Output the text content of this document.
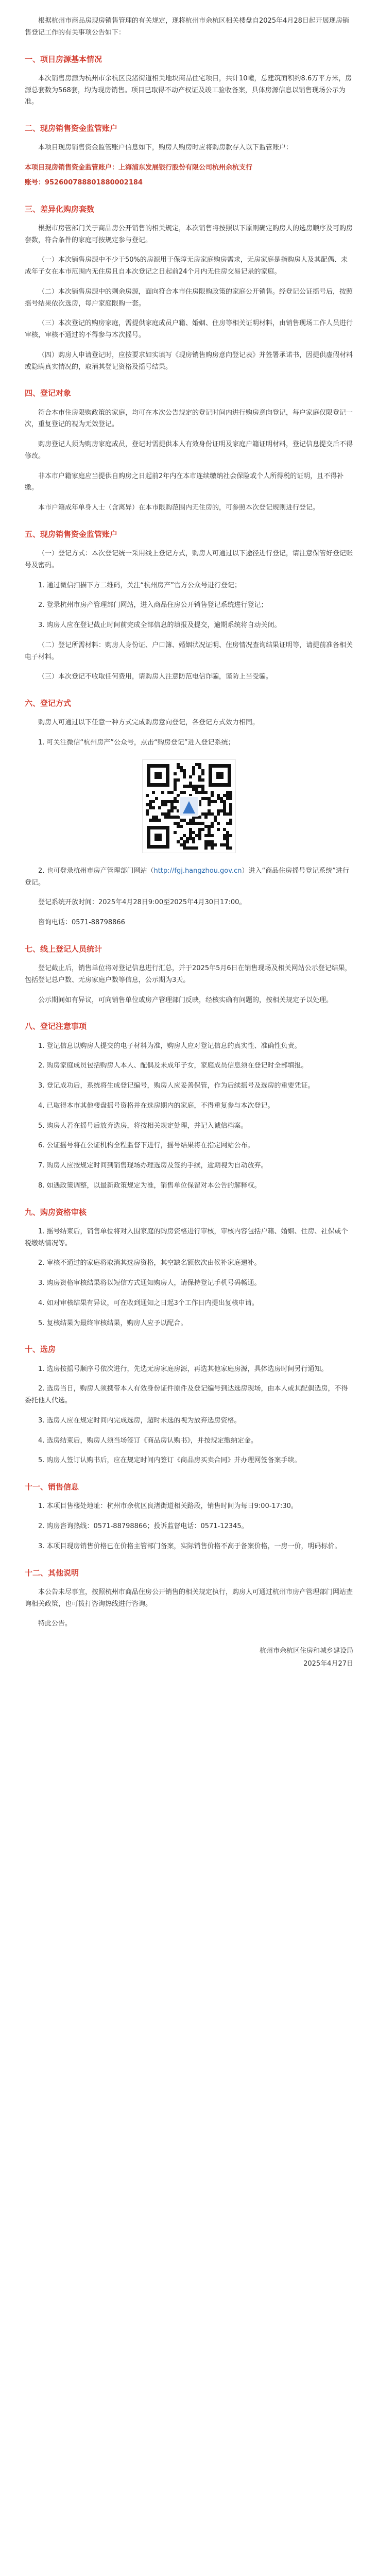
根据杭州市商品房现房销售管理的有关规定，现将杭州市余杭区相关楼盘自2025年4月28日起开展现房销售登记工作的有关事项公告如下：

一、项目房源基本情况

本次销售房源为杭州市余杭区良渚街道相关地块商品住宅项目，共计10幢，总建筑面积约8.6万平方米，房源总套数为568套，均为现房销售。项目已取得不动产权证及竣工验收备案，具体房源信息以销售现场公示为准。

二、现房销售资金监管账户

本项目现房销售资金监管账户信息如下，购房人购房时应将购房款存入以下监管账户：

本项目现房销售资金监管账户：上海浦东发展银行股份有限公司杭州余杭支行

账号：952600788801880002184

三、差异化购房套数

根据市房管部门关于商品房公开销售的相关规定，本次销售将按照以下原则确定购房人的选房顺序及可购房套数，符合条件的家庭可按规定参与登记。

（一）本次销售房源中不少于50%的房源用于保障无房家庭购房需求，无房家庭是指购房人及其配偶、未成年子女在本市范围内无住房且自本次登记之日起前24个月内无住房交易记录的家庭。

（二）本次销售房源中的剩余房源，面向符合本市住房限购政策的家庭公开销售。经登记公证摇号后，按照摇号结果依次选房，每户家庭限购一套。

（三）本次登记的购房家庭，需提供家庭成员户籍、婚姻、住房等相关证明材料，由销售现场工作人员进行审核，审核不通过的不得参与本次摇号。

（四）购房人申请登记时，应按要求如实填写《现房销售购房意向登记表》并签署承诺书，因提供虚假材料或隐瞒真实情况的，取消其登记资格及摇号结果。

四、登记对象

符合本市住房限购政策的家庭，均可在本次公告规定的登记时间内进行购房意向登记，每户家庭仅限登记一次，重复登记的视为无效登记。

购房登记人须为购房家庭成员，登记时需提供本人有效身份证明及家庭户籍证明材料，登记信息提交后不得修改。

非本市户籍家庭应当提供自购房之日起前2年内在本市连续缴纳社会保险或个人所得税的证明，且不得补缴。

本市户籍成年单身人士（含离异）在本市限购范围内无住房的，可参照本次登记规则进行登记。

五、现房销售资金监管账户

（一）登记方式：本次登记统一采用线上登记方式，购房人可通过以下途径进行登记，请注意保管好登记账号及密码。

1. 通过微信扫描下方二维码，关注“杭州房产”官方公众号进行登记；

2. 登录杭州市房产管理部门网站，进入商品住房公开销售登记系统进行登记；

3. 购房人应在登记截止时间前完成全部信息的填报及提交，逾期系统将自动关闭。

（二）登记所需材料：购房人身份证、户口簿、婚姻状况证明、住房情况查询结果证明等，请提前准备相关电子材料。

（三）本次登记不收取任何费用，请购房人注意防范电信诈骗，谨防上当受骗。

六、登记方式

购房人可通过以下任意一种方式完成购房意向登记，各登记方式效力相同。

1. 可关注微信“杭州房产”公众号，点击“购房登记”进入登记系统；

2. 也可登录杭州市房产管理部门网站（http://fgj.hangzhou.gov.cn）进入“商品住房摇号登记系统”进行登记。

登记系统开放时间：2025年4月28日9:00至2025年4月30日17:00。

咨询电话：0571-88798866

七、线上登记人员统计

登记截止后，销售单位将对登记信息进行汇总，并于2025年5月6日在销售现场及相关网站公示登记结果，包括登记总户数、无房家庭户数等信息，公示期为3天。

公示期间如有异议，可向销售单位或房产管理部门反映，经核实确有问题的，按相关规定予以处理。

八、登记注意事项

1. 登记信息以购房人提交的电子材料为准，购房人应对登记信息的真实性、准确性负责。

2. 购房家庭成员包括购房人本人、配偶及未成年子女，家庭成员信息须在登记时全部填报。

3. 登记成功后，系统将生成登记编号，购房人应妥善保管，作为后续摇号及选房的重要凭证。

4. 已取得本市其他楼盘摇号资格并在选房期内的家庭，不得重复参与本次登记。

5. 购房人若在摇号后放弃选房，将按相关规定处理，并记入诚信档案。

6. 公证摇号将在公证机构全程监督下进行，摇号结果将在指定网站公布。

7. 购房人应按规定时间到销售现场办理选房及签约手续，逾期视为自动放弃。

8. 如遇政策调整，以最新政策规定为准，销售单位保留对本公告的解释权。

九、购房资格审核

1. 摇号结束后，销售单位将对入围家庭的购房资格进行审核，审核内容包括户籍、婚姻、住房、社保或个税缴纳情况等。

2. 审核不通过的家庭将取消其选房资格，其空缺名额依次由候补家庭递补。

3. 购房资格审核结果将以短信方式通知购房人，请保持登记手机号码畅通。

4. 如对审核结果有异议，可在收到通知之日起3个工作日内提出复核申请。

5. 复核结果为最终审核结果，购房人应予以配合。

十、选房

1. 选房按摇号顺序号依次进行，先选无房家庭房源，再选其他家庭房源，具体选房时间另行通知。

2. 选房当日，购房人须携带本人有效身份证件原件及登记编号到达选房现场，由本人或其配偶选房，不得委托他人代选。

3. 选房人应在规定时间内完成选房，超时未选的视为放弃选房资格。

4. 选房结束后，购房人须当场签订《商品房认购书》，并按规定缴纳定金。

5. 购房人签订认购书后，应在规定时间内签订《商品房买卖合同》并办理网签备案手续。

十一、销售信息

1. 本项目售楼处地址：杭州市余杭区良渚街道相关路段，销售时间为每日9:00-17:30。

2. 购房咨询热线：0571-88798866；投诉监督电话：0571-12345。

3. 本项目现房销售价格已在价格主管部门备案，实际销售价格不高于备案价格，一房一价，明码标价。

十二、其他说明

本公告未尽事宜，按照杭州市商品住房公开销售的相关规定执行，购房人可通过杭州市房产管理部门网站查询相关政策，也可拨打咨询热线进行咨询。

特此公告。

杭州市余杭区住房和城乡建设局
2025年4月27日
